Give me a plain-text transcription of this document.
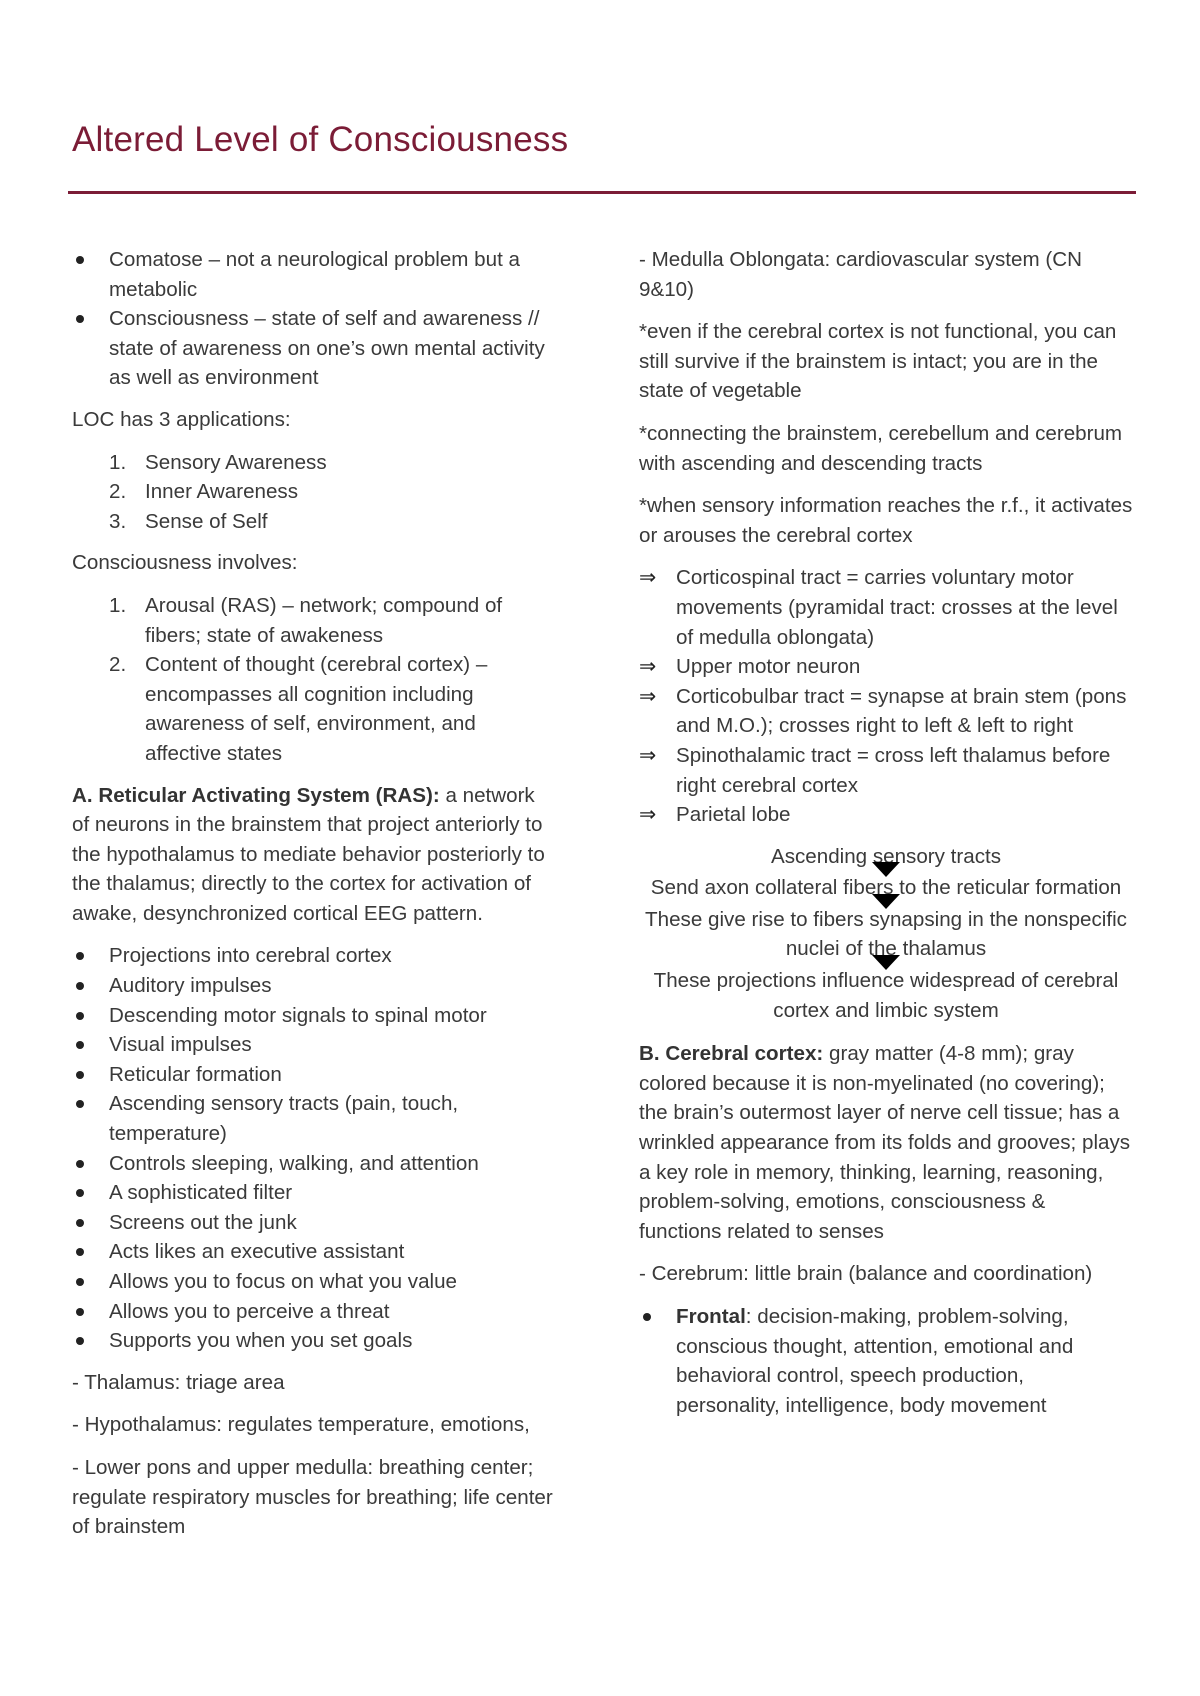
Altered Level of Consciousness
Comatose – not a neurological problem but a metabolic
Consciousness – state of self and awareness // state of awareness on one’s own mental activity as well as environment

LOC has 3 applications:

1. Sensory Awareness
2. Inner Awareness
3. Sense of Self

Consciousness involves:

1. Arousal (RAS) – network; compound of fibers; state of awakeness
2. Content of thought (cerebral cortex) – encompasses all cognition including awareness of self, environment, and affective states

A. Reticular Activating System (RAS): a network of neurons in the brainstem that project anteriorly to the hypothalamus to mediate behavior posteriorly to the thalamus; directly to the cortex for activation of awake, desynchronized cortical EEG pattern.

Projections into cerebral cortex
Auditory impulses
Descending motor signals to spinal motor
Visual impulses
Reticular formation
Ascending sensory tracts (pain, touch, temperature)
Controls sleeping, walking, and attention
A sophisticated filter
Screens out the junk
Acts likes an executive assistant
Allows you to focus on what you value
Allows you to perceive a threat
Supports you when you set goals

- Thalamus: triage area

- Hypothalamus: regulates temperature, emotions,

- Lower pons and upper medulla: breathing center; regulate respiratory muscles for breathing; life center of brainstem

- Medulla Oblongata: cardiovascular system (CN 9&10)

*even if the cerebral cortex is not functional, you can still survive if the brainstem is intact; you are in the state of vegetable

*connecting the brainstem, cerebellum and cerebrum with ascending and descending tracts

*when sensory information reaches the r.f., it activates or arouses the cerebral cortex

⇒ Corticospinal tract = carries voluntary motor movements (pyramidal tract: crosses at the level of medulla oblongata)
⇒ Upper motor neuron
⇒ Corticobulbar tract = synapse at brain stem (pons and M.O.); crosses right to left & left to right
⇒ Spinothalamic tract = cross left thalamus before right cerebral cortex
⇒ Parietal lobe

Ascending sensory tracts

Send axon collateral fibers to the reticular formation

These give rise to fibers synapsing in the nonspecific nuclei of the thalamus

These projections influence widespread of cerebral cortex and limbic system

B. Cerebral cortex: gray matter (4-8 mm); gray colored because it is non-myelinated (no covering); the brain’s outermost layer of nerve cell tissue; has a wrinkled appearance from its folds and grooves; plays a key role in memory, thinking, learning, reasoning, problem-solving, emotions, consciousness & functions related to senses

- Cerebrum: little brain (balance and coordination)

Frontal: decision-making, problem-solving, conscious thought, attention, emotional and behavioral control, speech production, personality, intelligence, body movement
